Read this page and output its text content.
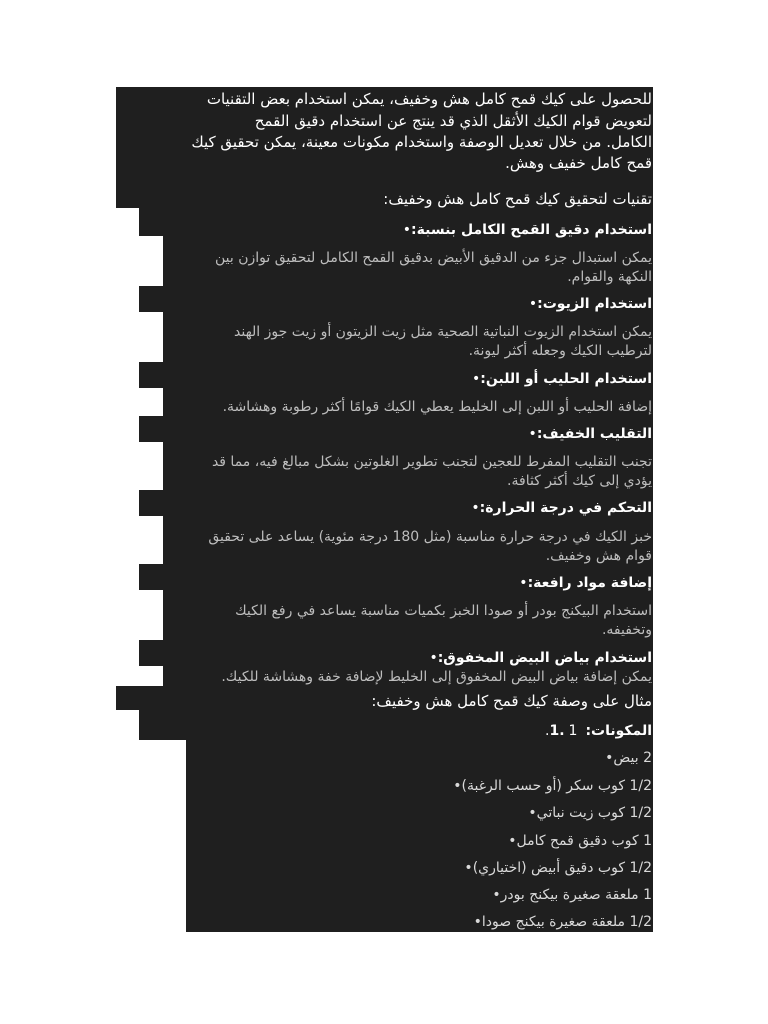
للحصول على كيك قمح كامل هش وخفيف، يمكن استخدام بعض التقنيات
لتعويض قوام الكيك الأثقل الذي قد ينتج عن استخدام دقيق القمح
الكامل. من خلال تعديل الوصفة واستخدام مكونات معينة، يمكن تحقيق كيك
قمح كامل خفيف وهش.
تقنيات لتحقيق كيك قمح كامل هش وخفيف:
استخدام دقيق القمح الكامل بنسبة:•
يمكن استبدال جزء من الدقيق الأبيض بدقيق القمح الكامل لتحقيق توازن بين
النكهة والقوام.
استخدام الزيوت:•
يمكن استخدام الزيوت النباتية الصحية مثل زيت الزيتون أو زيت جوز الهند
لترطيب الكيك وجعله أكثر ليونة.
استخدام الحليب أو اللبن:•
إضافة الحليب أو اللبن إلى الخليط يعطي الكيك قوامًا أكثر رطوبة وهشاشة.
التقليب الخفيف:•
تجنب التقليب المفرط للعجين لتجنب تطوير الغلوتين بشكل مبالغ فيه، مما قد
يؤدي إلى كيك أكثر كثافة.
التحكم في درجة الحرارة:•
خبز الكيك في درجة حرارة مناسبة (مثل 180 درجة مئوية) يساعد على تحقيق
قوام هش وخفيف.
إضافة مواد رافعة:•
استخدام البيكنج بودر أو صودا الخبز بكميات مناسبة يساعد في رفع الكيك
وتخفيفه.
استخدام بياض البيض المخفوق:•
يمكن إضافة بياض البيض المخفوق إلى الخليط لإضافة خفة وهشاشة للكيك.
مثال على وصفة كيك قمح كامل هش وخفيف:
المكونات:1.1.
2 بيض•
1/2 كوب سكر (أو حسب الرغبة)•
1/2 كوب زيت نباتي•
1 كوب دقيق قمح كامل•
1/2 كوب دقيق أبيض (اختياري)•
1 ملعقة صغيرة بيكنج بودر•
1/2 ملعقة صغيرة بيكنج صودا•
